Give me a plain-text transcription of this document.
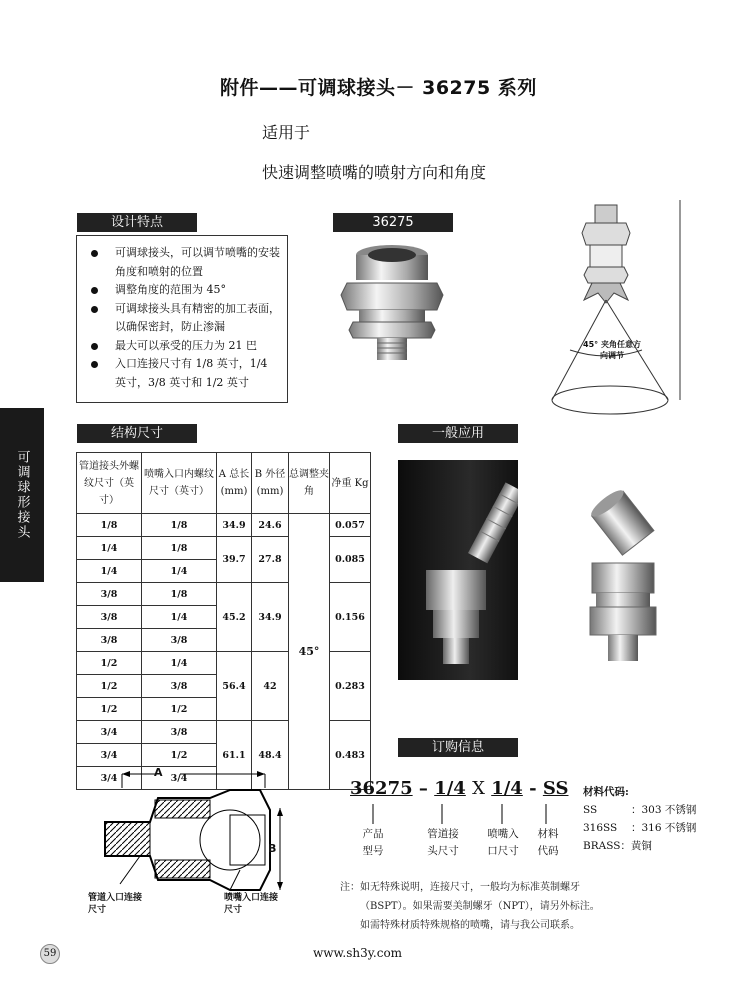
附件——可调球接头－ 36275 系列
适用于
快速调整喷嘴的喷射方向和角度
可调球形接头
设计特点
可调球接头，可以调节喷嘴的安装角度和喷射的位置
调整角度的范围为 45°
可调球接头具有精密的加工表面，以确保密封，防止渗漏
最大可以承受的压力为 21 巴
入口连接尺寸有 1/8 英寸，1/4 英寸，3/8 英寸和 1/2 英寸
36275
45° 夹角任意方向调节
结构尺寸
管道接头外螺纹尺寸（英寸）	喷嘴入口内螺纹尺寸（英寸）	A 总长 (mm)	B 外径 (mm)	总调整夹角	净重 Kg
1/8	1/8	34.9	24.6	45°	0.057
1/4	1/8	39.7	27.8		0.085
1/4	1/4				
3/8	1/8	45.2	34.9		0.156
3/8	1/4				
3/8	3/8				
1/2	1/4	56.4	42		0.283
1/2	3/8				
1/2	1/2				
3/4	3/8	61.1	48.4		0.483
3/4	1/2				
3/4	3/4				
一般应用
订购信息
A
B
管道入口连接尺寸
喷嘴入口连接尺寸
36275 – 1/4 X 1/4 - SS
产品型号
管道接头尺寸
喷嘴入口尺寸
材料代码
材料代码:
SS	：303 不锈钢
316SS ：316 不锈钢
BRASS：黄铜
注：如无特殊说明，连接尺寸，一般均为标准英制螺牙
（BSPT）。如果需要美制螺牙（NPT），请另外标注。
如需特殊材质特殊规格的喷嘴，请与我公司联系。
www.sh3y.com
59
